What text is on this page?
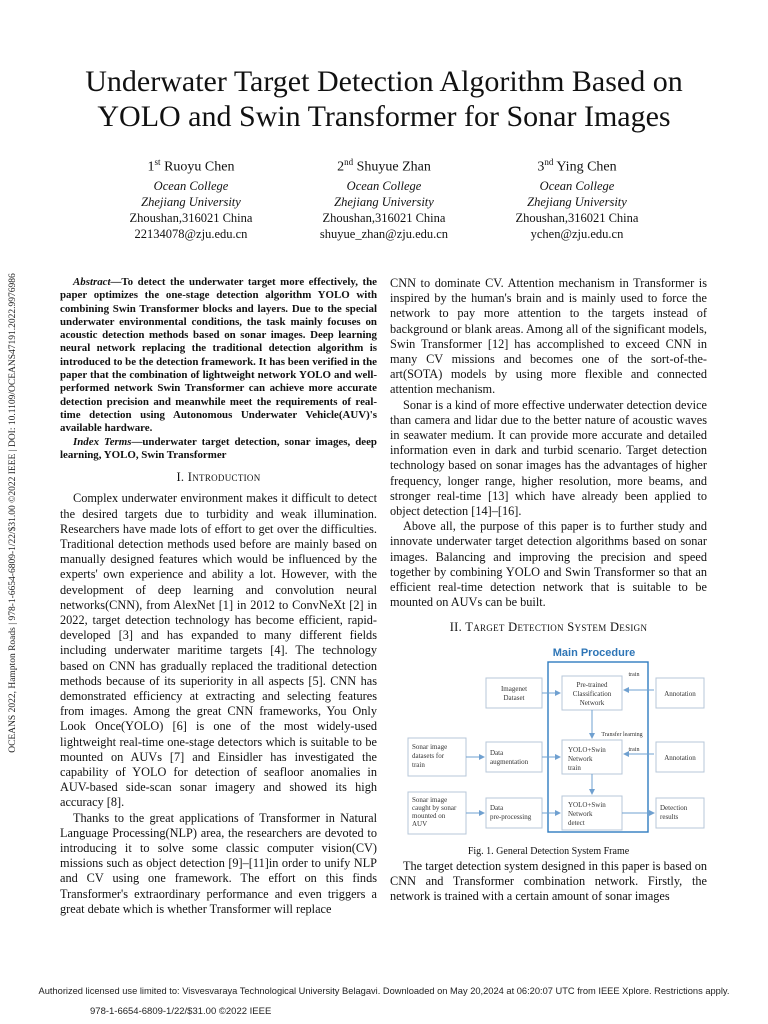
Underwater Target Detection Algorithm Based on
YOLO and Swin Transformer for Sonar Images
1st Ruoyu Chen
Ocean College
Zhejiang University
Zhoushan,316021 China
22134078@zju.edu.cn
2nd Shuyue Zhan
Ocean College
Zhejiang University
Zhoushan,316021 China
shuyue_zhan@zju.edu.cn
3nd Ying Chen
Ocean College
Zhejiang University
Zhoushan,316021 China
ychen@zju.edu.cn
OCEANS 2022, Hampton Roads | 978-1-6654-6809-1/22/$31.00 ©2022 IEEE | DOI: 10.1109/OCEANS47191.2022.9976986	Abstract—To detect the underwater target more effectively, the paper optimizes the one-stage detection algorithm YOLO with combining Swin Transformer blocks and layers. Due to the special underwater environmental conditions, the task mainly focuses on acoustic detection methods based on sonar images. Deep learning neural network replacing the traditional detection algorithm is introduced to be the detection framework. It has been verified in the paper that the combination of lightweight network YOLO and well-performed network Swin Transformer can achieve more accurate detection precision and meanwhile meet the requirements of real-time detection using Autonomous Underwater Vehicle(AUV)'s available hardware.

Index Terms—underwater target detection, sonar images, deep learning, YOLO, Swin Transformer

I. Introduction

Complex underwater environment makes it difficult to detect the desired targets due to turbidity and weak illumination. Researchers have made lots of effort to get over the difficulties. Traditional detection methods used before are mainly based on manually designed features which would be influenced by the experts' own experience and ability a lot. However, with the development of deep learning and convolution neural networks(CNN), from AlexNet [1] in 2012 to ConvNeXt [2] in 2022, target detection technology has become efficient, rapid-developed [3] and has expanded to many different fields including underwater maritime targets [4]. The technology based on CNN has gradually replaced the traditional detection methods because of its superiority in all aspects [5]. CNN has demonstrated efficiency at extracting and selecting features from images. Among the great CNN frameworks, You Only Look Once(YOLO) [6] is one of the most widely-used lightweight real-time one-stage detectors which is suitable to be mounted on AUVs [7] and Einsidler has investigated the capability of YOLO for detection of seafloor anomalies in AUV-based side-scan sonar imagery and showed its high accuracy [8].

Thanks to the great applications of Transformer in Natural Language Processing(NLP) area, the researchers are devoted to introducing it to solve some classic computer vision(CV) missions such as object detection [9]–[11]in order to unify NLP and CV using one framework. The effort on this finds Transformer's extraordinary performance and even triggers a great debate which is whether Transformer will replace

CNN to dominate CV. Attention mechanism in Transformer is inspired by the human's brain and is mainly used to force the network to pay more attention to the targets instead of background or blank areas. Among all of the significant models, Swin Transformer [12] has accomplished to exceed CNN in many CV missions and becomes one of the sort-of-the-art(SOTA) models by using more flexible and connected attention mechanism.

Sonar is a kind of more effective underwater detection device than camera and lidar due to the better nature of acoustic waves in seawater medium. It can provide more accurate and detailed information even in dark and turbid scenario. Target detection technology based on sonar images has the advantages of higher frequency, longer range, higher resolution, more beams, and stronger real-time [13] which have already been applied to object detection [14]–[16].

Above all, the purpose of this paper is to further study and innovate underwater target detection algorithms based on sonar images. Balancing and improving the precision and speed together by combining YOLO and Swin Transformer so that an efficient real-time detection network that is suitable to be mounted on AUVs can be built.

II. Target Detection System Design

Main Procedure
Imagenet
Dataset
Pre-trained
Classification
Network
Annotation
train
Transfer learning
train
Sonar image
datasets for
train
Data
augmentation
YOLO+Swin
Network
train
Annotation
Sonar image
caught by sonar
mounted on
AUV
Data
pre-processing
YOLO+Swin
Network
detect
Detection
results

Fig. 1. General Detection System Frame

The target detection system designed in this paper is based on CNN and Transformer combination network. Firstly, the network is trained with a certain amount of sonar images

Authorized licensed use limited to: Visvesvaraya Technological University Belagavi. Downloaded on May 20,2024 at 06:20:07 UTC from IEEE Xplore. Restrictions apply.
978-1-6654-6809-1/22/$31.00 ©2022 IEEE
